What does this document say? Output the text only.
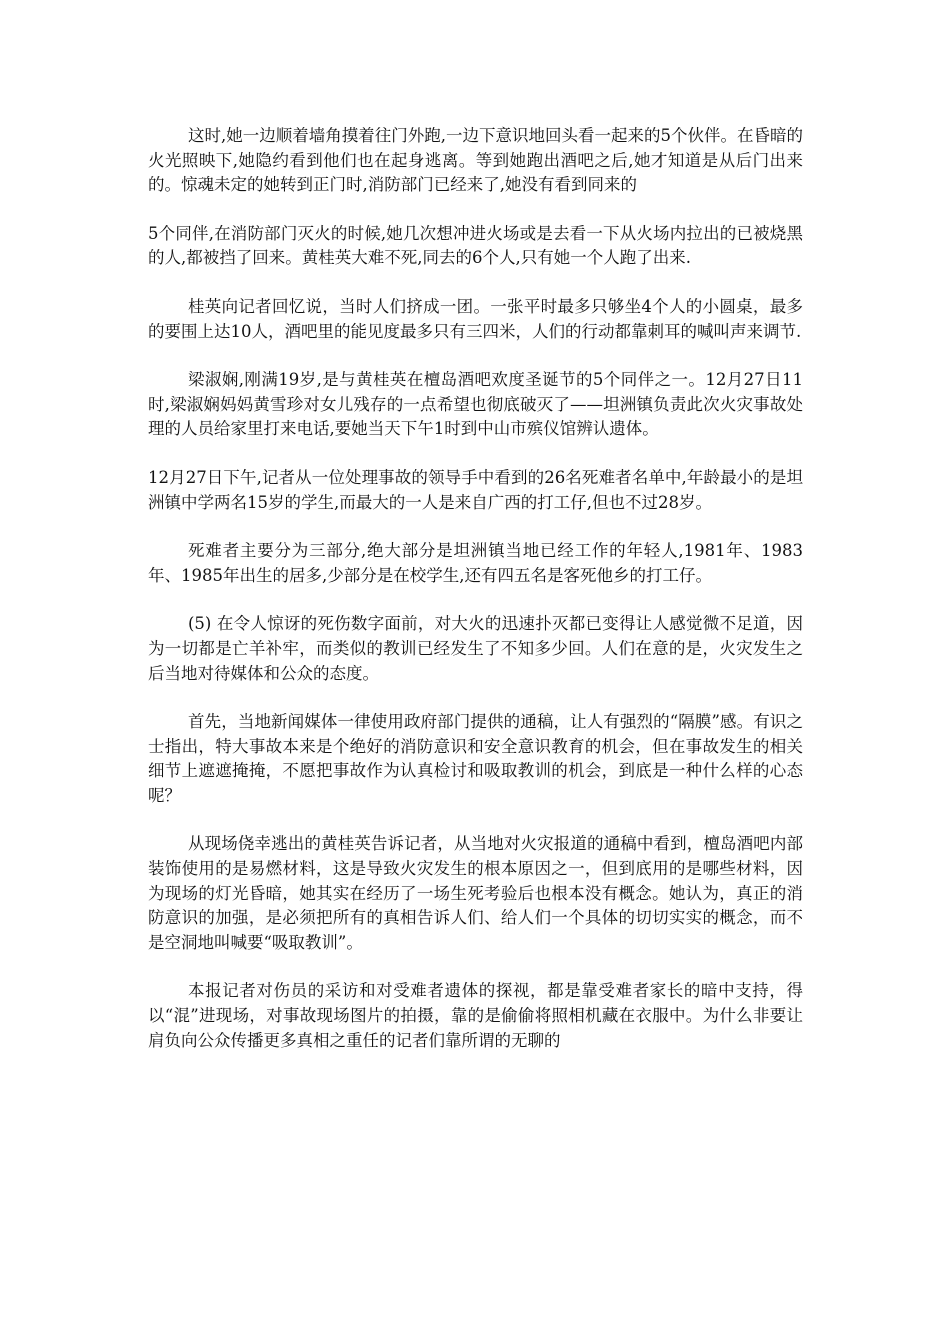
这时,她一边顺着墙角摸着往门外跑,一边下意识地回头看一起来的5个伙伴。在昏暗的火光照映下,她隐约看到他们也在起身逃离。等到她跑出酒吧之后,她才知道是从后门出来的。惊魂未定的她转到正门时,消防部门已经来了,她没有看到同来的

5个同伴,在消防部门灭火的时候,她几次想冲进火场或是去看一下从火场内拉出的已被烧黑的人,都被挡了回来。黄桂英大难不死,同去的6个人,只有她一个人跑了出来.

桂英向记者回忆说，当时人们挤成一团。一张平时最多只够坐4个人的小圆桌，最多的要围上达10人，酒吧里的能见度最多只有三四米，人们的行动都靠刺耳的喊叫声来调节.

梁淑娴,刚满19岁,是与黄桂英在檀岛酒吧欢度圣诞节的5个同伴之一。12月27日11时,梁淑娴妈妈黄雪珍对女儿残存的一点希望也彻底破灭了——坦洲镇负责此次火灾事故处理的人员给家里打来电话,要她当天下午1时到中山市殡仪馆辨认遗体。

12月27日下午,记者从一位处理事故的领导手中看到的26名死难者名单中,年龄最小的是坦洲镇中学两名15岁的学生,而最大的一人是来自广西的打工仔,但也不过28岁。

死难者主要分为三部分,绝大部分是坦洲镇当地已经工作的年轻人,1981年、1983年、1985年出生的居多,少部分是在校学生,还有四五名是客死他乡的打工仔。

(5) 在令人惊讶的死伤数字面前，对大火的迅速扑灭都已变得让人感觉微不足道，因为一切都是亡羊补牢，而类似的教训已经发生了不知多少回。人们在意的是，火灾发生之后当地对待媒体和公众的态度。

首先，当地新闻媒体一律使用政府部门提供的通稿，让人有强烈的“隔膜”感。有识之士指出，特大事故本来是个绝好的消防意识和安全意识教育的机会，但在事故发生的相关细节上遮遮掩掩，不愿把事故作为认真检讨和吸取教训的机会，到底是一种什么样的心态呢？

从现场侥幸逃出的黄桂英告诉记者，从当地对火灾报道的通稿中看到，檀岛酒吧内部装饰使用的是易燃材料，这是导致火灾发生的根本原因之一，但到底用的是哪些材料，因为现场的灯光昏暗，她其实在经历了一场生死考验后也根本没有概念。她认为，真正的消防意识的加强，是必须把所有的真相告诉人们、给人们一个具体的切切实实的概念，而不是空洞地叫喊要“吸取教训”。

本报记者对伤员的采访和对受难者遗体的探视，都是靠受难者家长的暗中支持，得以“混”进现场，对事故现场图片的拍摄，靠的是偷偷将照相机藏在衣服中。为什么非要让肩负向公众传播更多真相之重任的记者们靠所谓的无聊的
